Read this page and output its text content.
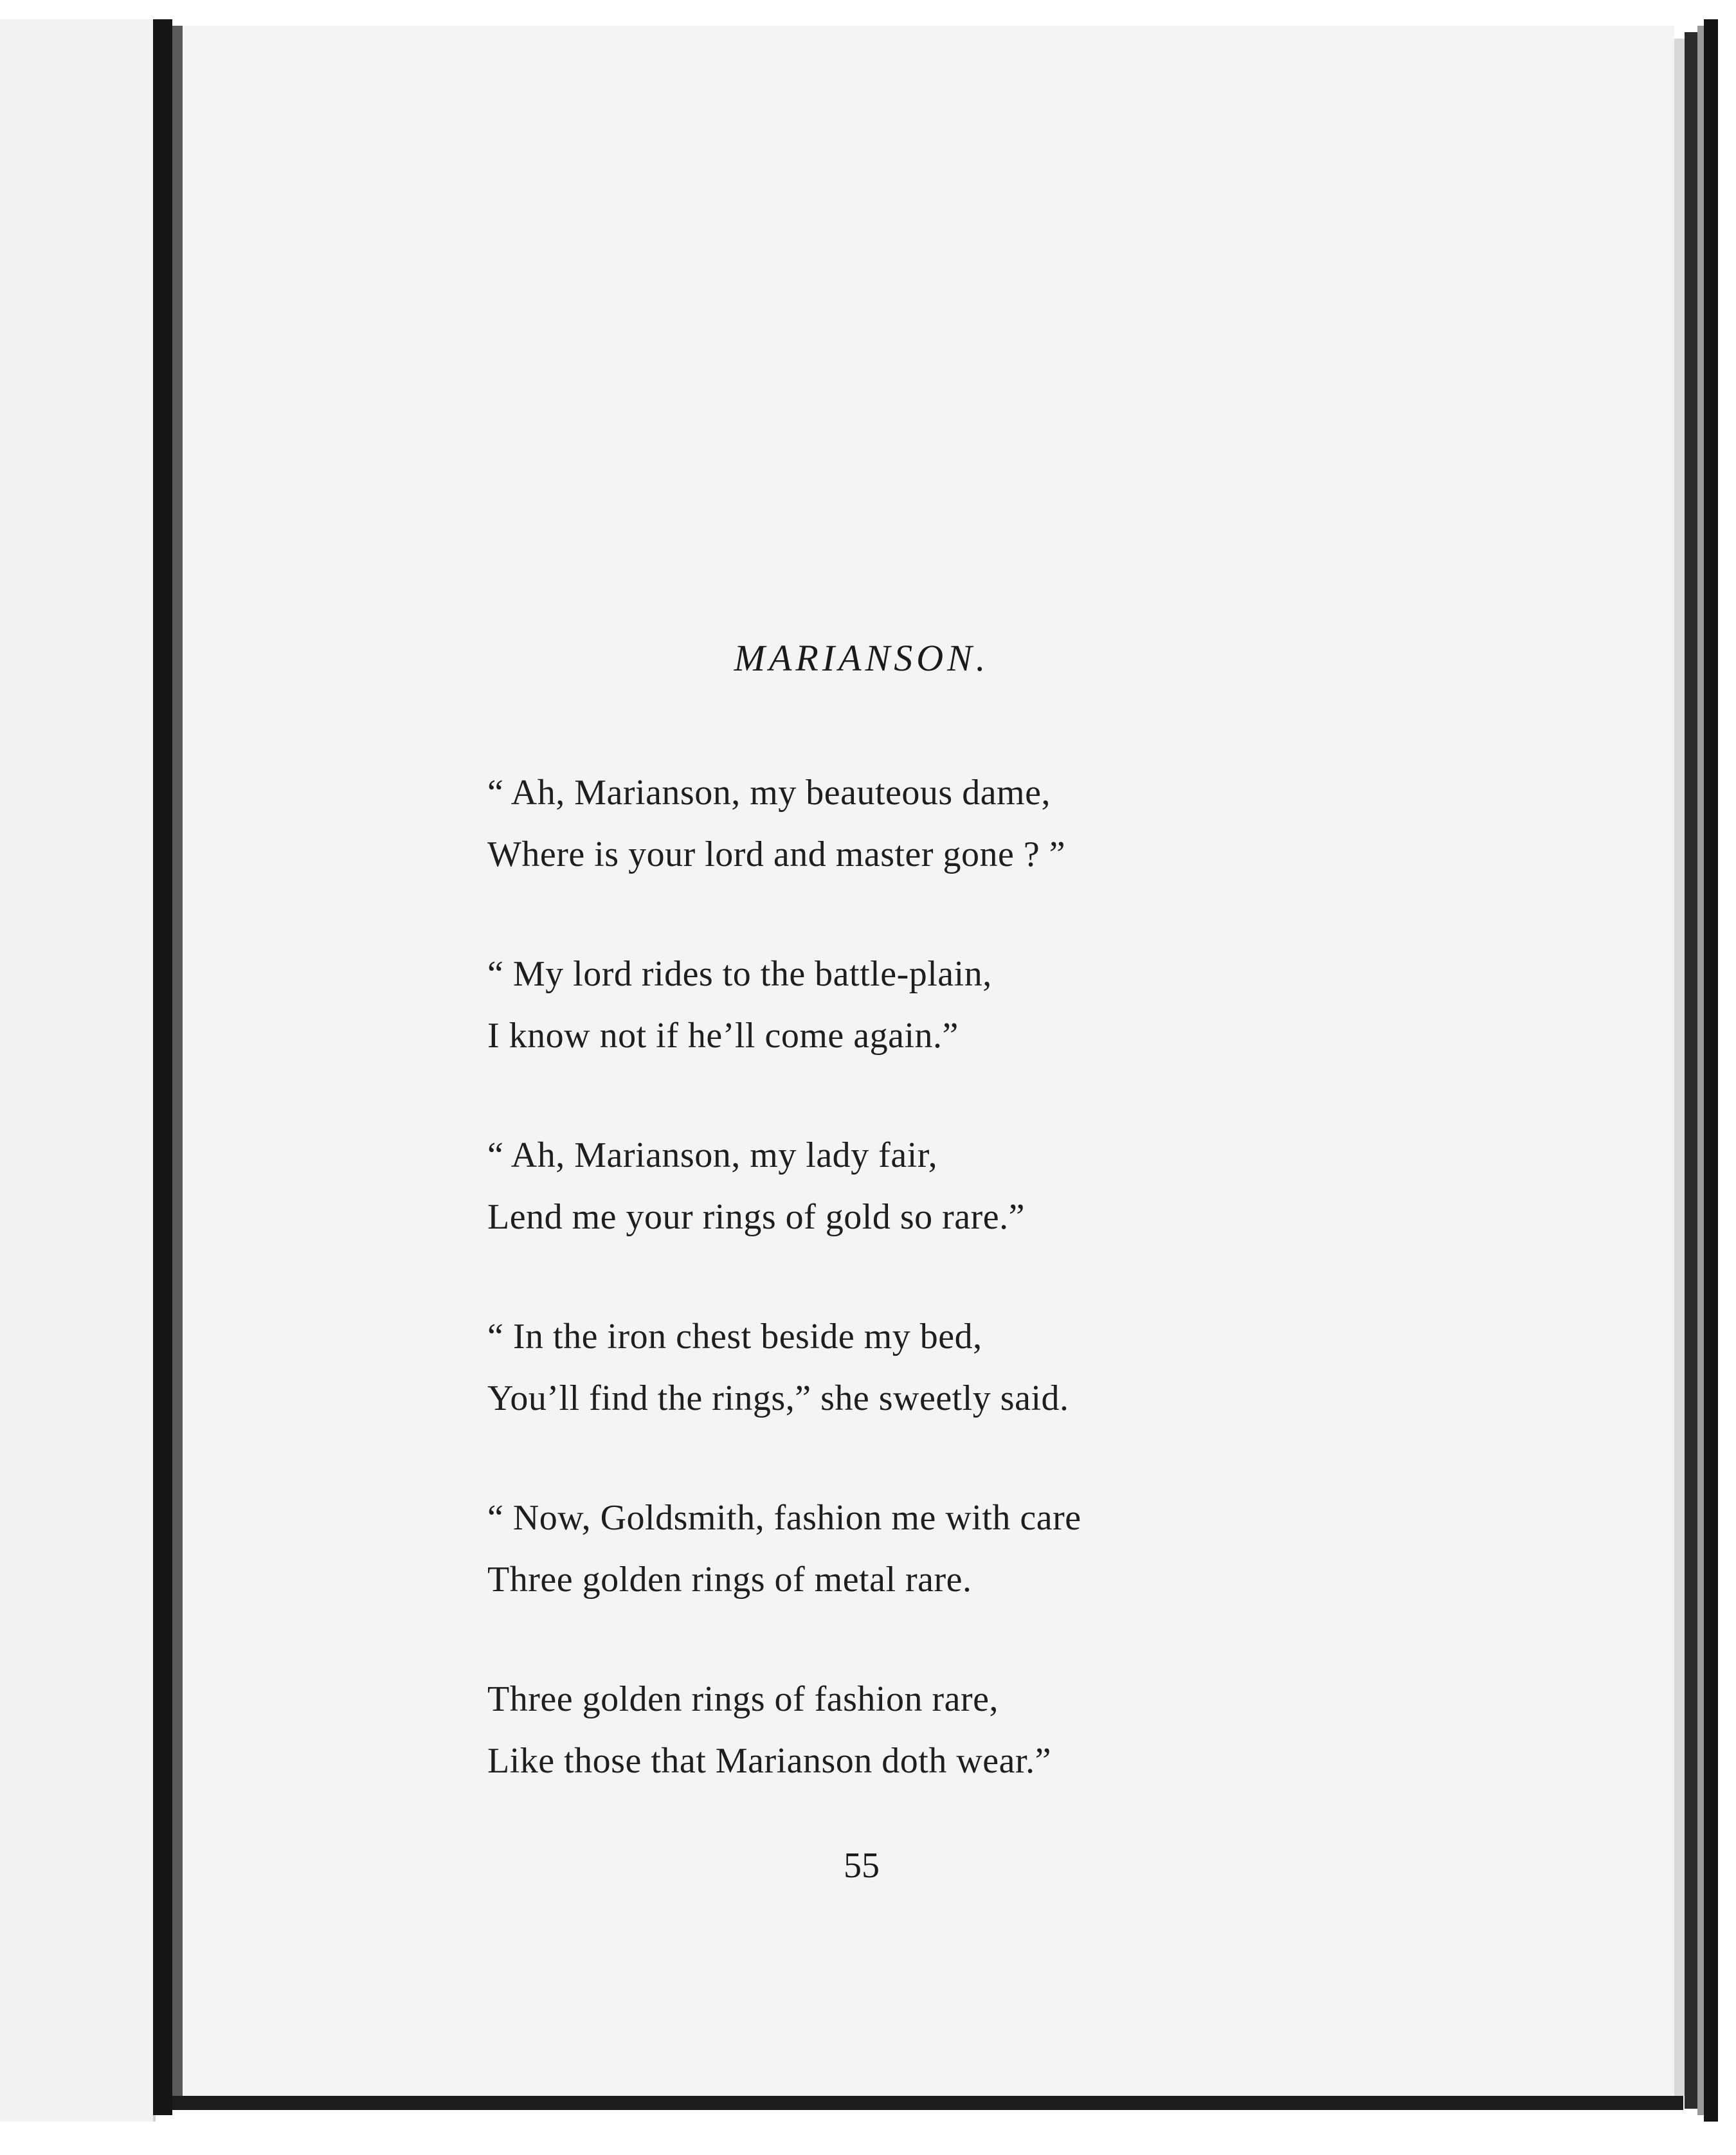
MARIANSON.
“ Ah, Marianson, my beauteous dame,
Where is your lord and master gone ? ”
“ My lord rides to the battle-plain,
I know not if he’ll come again.”
“ Ah, Marianson, my lady fair,
Lend me your rings of gold so rare.”
“ In the iron chest beside my bed,
You’ll find the rings,” she sweetly said.
“ Now, Goldsmith, fashion me with care
Three golden rings of metal rare.
Three golden rings of fashion rare,
Like those that Marianson doth wear.”
55
